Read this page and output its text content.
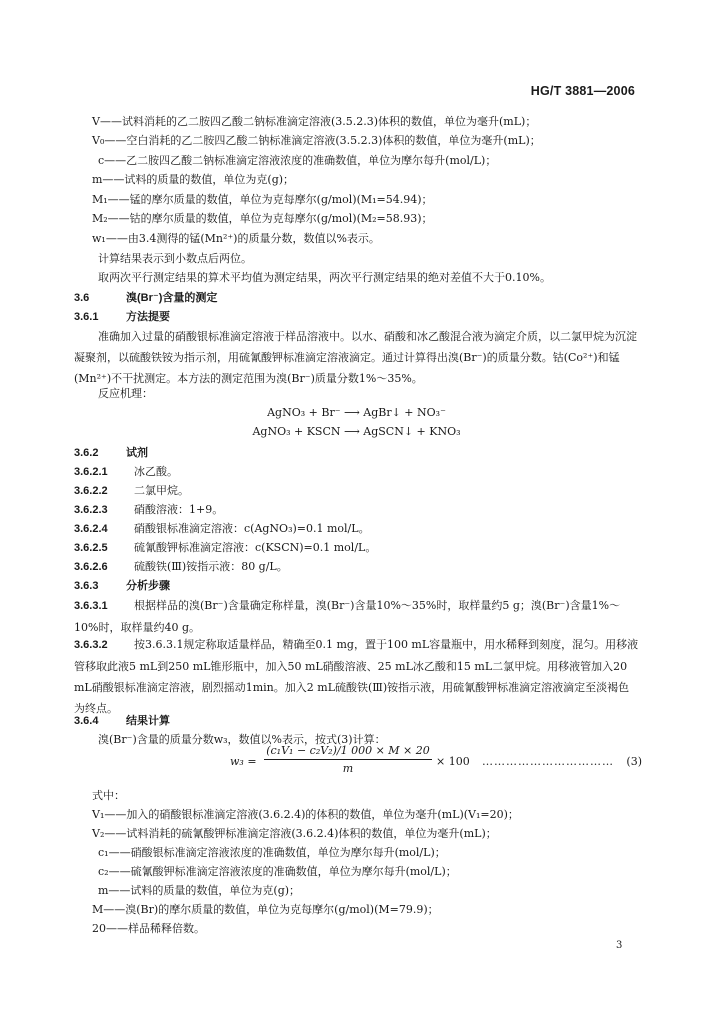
HG/T 3881—2006
V——试料消耗的乙二胺四乙酸二钠标准滴定溶液(3.5.2.3)体积的数值，单位为毫升(mL)；
V₀——空白消耗的乙二胺四乙酸二钠标准滴定溶液(3.5.2.3)体积的数值，单位为毫升(mL)；
c——乙二胺四乙酸二钠标准滴定溶液浓度的准确数值，单位为摩尔每升(mol/L)；
m——试料的质量的数值，单位为克(g)；
M₁——锰的摩尔质量的数值，单位为克每摩尔(g/mol)(M₁=54.94)；
M₂——钴的摩尔质量的数值，单位为克每摩尔(g/mol)(M₂=58.93)；
w₁——由3.4测得的锰(Mn²⁺)的质量分数，数值以%表示。
计算结果表示到小数点后两位。
取两次平行测定结果的算术平均值为测定结果，两次平行测定结果的绝对差值不大于0.10%。
3.6	溴(Br⁻)含量的测定
3.6.1	方法提要
准确加入过量的硝酸银标准滴定溶液于样品溶液中。以水、硝酸和冰乙酸混合液为滴定介质，以二氯甲烷为沉淀凝聚剂，以硫酸铁铵为指示剂，用硫氰酸钾标准滴定溶液滴定。通过计算得出溴(Br⁻)的质量分数。钴(Co²⁺)和锰(Mn²⁺)不干扰测定。本方法的测定范围为溴(Br⁻)质量分数1%～35%。
反应机理：
AgNO₃ + Br⁻ ⟶ AgBr↓ + NO₃⁻
AgNO₃ + KSCN ⟶ AgSCN↓ + KNO₃
3.6.2	试剂
3.6.2.1 冰乙酸。
3.6.2.2 二氯甲烷。
3.6.2.3 硝酸溶液：1+9。
3.6.2.4 硝酸银标准滴定溶液：c(AgNO₃)=0.1 mol/L。
3.6.2.5 硫氰酸钾标准滴定溶液：c(KSCN)=0.1 mol/L。
3.6.2.6 硫酸铁(Ⅲ)铵指示液：80 g/L。
3.6.3	分析步骤
3.6.3.1 根据样品的溴(Br⁻)含量确定称样量，溴(Br⁻)含量10%～35%时，取样量约5 g；溴(Br⁻)含量1%～10%时，取样量约40 g。
3.6.3.2 按3.6.3.1规定称取适量样品，精确至0.1 mg，置于100 mL容量瓶中，用水稀释到刻度，混匀。用移液管移取此液5 mL到250 mL锥形瓶中，加入50 mL硝酸溶液、25 mL冰乙酸和15 mL二氯甲烷。用移液管加入20 mL硝酸银标准滴定溶液，剧烈摇动1min。加入2 mL硫酸铁(Ⅲ)铵指示液，用硫氰酸钾标准滴定溶液滴定至淡褐色为终点。
3.6.4	结果计算
溴(Br⁻)含量的质量分数w₃，数值以%表示，按式(3)计算：
$w_3 = \frac{\text{(c₁V₁ − c₂V₂)/1 000 × M × 20}}{m} \times 100$ …………………………… (3)
式中：
V₁——加入的硝酸银标准滴定溶液(3.6.2.4)的体积的数值，单位为毫升(mL)(V₁=20)；
V₂——试料消耗的硫氰酸钾标准滴定溶液(3.6.2.4)体积的数值，单位为毫升(mL)；
c₁——硝酸银标准滴定溶液浓度的准确数值，单位为摩尔每升(mol/L)；
c₂——硫氰酸钾标准滴定溶液浓度的准确数值，单位为摩尔每升(mol/L)；
m——试料的质量的数值，单位为克(g)；
M——溴(Br)的摩尔质量的数值，单位为克每摩尔(g/mol)(M=79.9)；
20——样品稀释倍数。
3
